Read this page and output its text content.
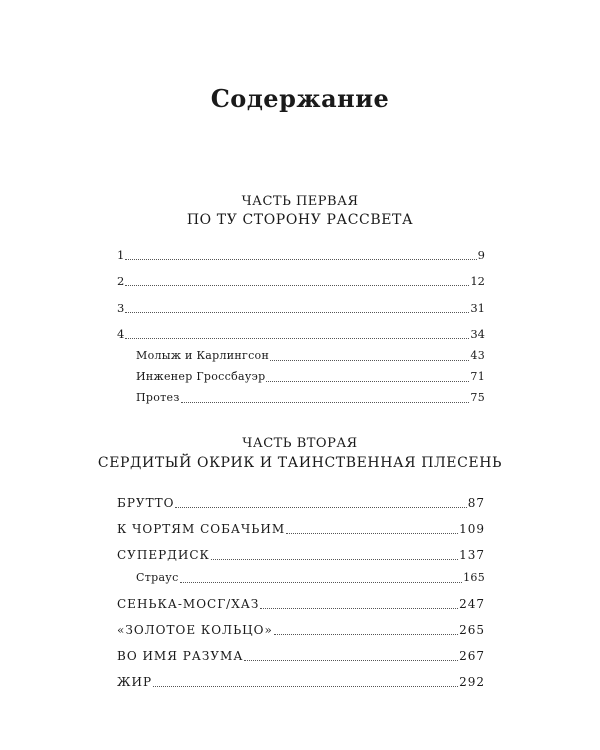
Содержание
ЧАСТЬ ПЕРВАЯ
ПО ТУ СТОРОНУ РАССВЕТА
1	9
2	12
3	31
4	34
Молыж и Карлингсон	43
Инженер Гроссбауэр	71
Протез	75
ЧАСТЬ ВТОРАЯ
СЕРДИТЫЙ ОКРИК И ТАИНСТВЕННАЯ ПЛЕСЕНЬ
БРУТТО	87
К ЧОРТЯМ СОБАЧЬИМ	109
СУПЕРДИСК	137
Страус	165
СЕНЬКА-МОСГ/ХАЗ	247
«ЗОЛОТОЕ КОЛЬЦО»	265
ВО ИМЯ РАЗУМА	267
ЖИР	292
